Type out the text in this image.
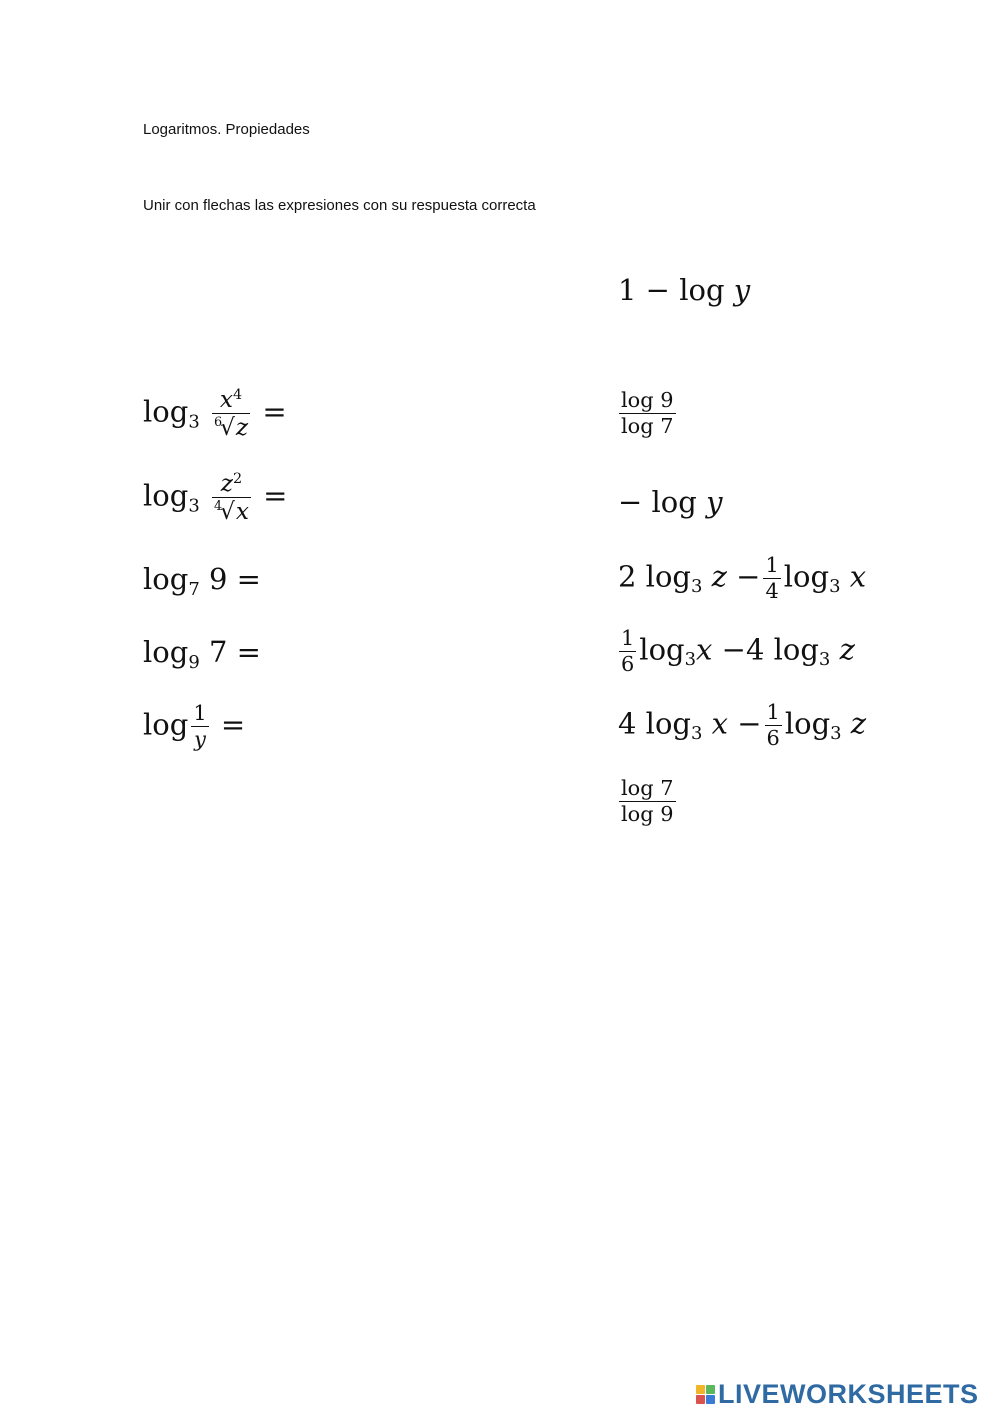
Logaritmos. Propiedades
Unir con flechas las expresiones con su respuesta correcta
$\log_3 \frac{x^4}{^6√z}$ =
$\log_3 \frac{z^2}{^4√x}$ =
$\log_7 9$ =
$\log_9 7$ =
$\log \frac{1}{y}$ =
1 − log y
$\frac{\log 9}{\log 7}$
− log y
2 $\log_3 z - \frac{1}{4} \log_3 x$
$\frac{1}{6} \log_3x -4$ $\log_3 z$
4 $\log_3 x - \frac{1}{6} \log_3 z$
$\frac{\log 7}{\log 9}$
LIVEWORKSHEETS
